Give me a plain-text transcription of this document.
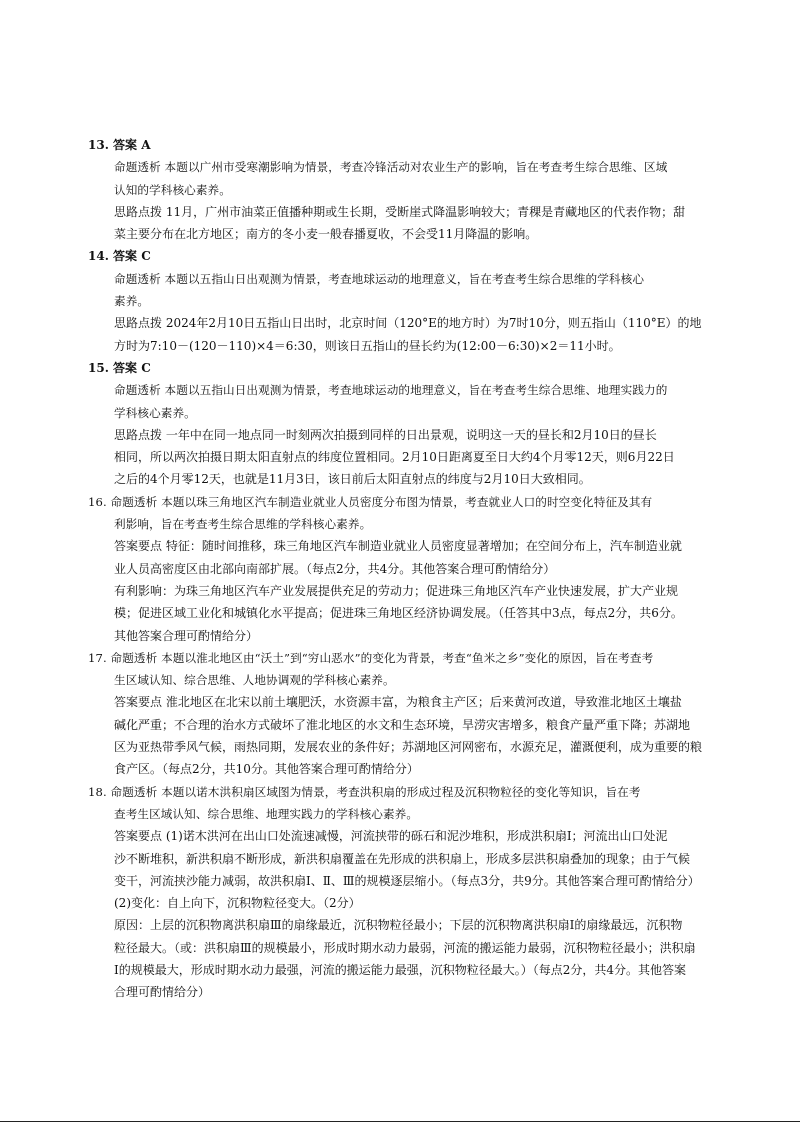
13. 答案 A
命题透析 本题以广州市受寒潮影响为情景，考查冷锋活动对农业生产的影响，旨在考查考生综合思维、区域
认知的学科核心素养。
思路点拨 11月，广州市油菜正值播种期或生长期，受断崖式降温影响较大；青稞是青藏地区的代表作物；甜
菜主要分布在北方地区；南方的冬小麦一般春播夏收，不会受11月降温的影响。
14. 答案 C
命题透析 本题以五指山日出观测为情景，考查地球运动的地理意义，旨在考查考生综合思维的学科核心
素养。
思路点拨 2024年2月10日五指山日出时，北京时间（120°E的地方时）为7时10分，则五指山（110°E）的地
方时为7:10－(120－110)×4＝6:30，则该日五指山的昼长约为(12:00－6:30)×2＝11小时。
15. 答案 C
命题透析 本题以五指山日出观测为情景，考查地球运动的地理意义，旨在考查考生综合思维、地理实践力的
学科核心素养。
思路点拨 一年中在同一地点同一时刻两次拍摄到同样的日出景观，说明这一天的昼长和2月10日的昼长
相同，所以两次拍摄日期太阳直射点的纬度位置相同。2月10日距离夏至日大约4个月零12天，则6月22日
之后的4个月零12天，也就是11月3日，该日前后太阳直射点的纬度与2月10日大致相同。
16. 命题透析 本题以珠三角地区汽车制造业就业人员密度分布图为情景，考查就业人口的时空变化特征及其有
利影响，旨在考查考生综合思维的学科核心素养。
答案要点 特征：随时间推移，珠三角地区汽车制造业就业人员密度显著增加；在空间分布上，汽车制造业就
业人员高密度区由北部向南部扩展。（每点2分，共4分。其他答案合理可酌情给分）
有利影响：为珠三角地区汽车产业发展提供充足的劳动力；促进珠三角地区汽车产业快速发展，扩大产业规
模；促进区域工业化和城镇化水平提高；促进珠三角地区经济协调发展。（任答其中3点，每点2分，共6分。
其他答案合理可酌情给分）
17. 命题透析 本题以淮北地区由“沃土”到“穷山恶水”的变化为背景，考查“鱼米之乡”变化的原因，旨在考查考
生区域认知、综合思维、人地协调观的学科核心素养。
答案要点 淮北地区在北宋以前土壤肥沃，水资源丰富，为粮食主产区；后来黄河改道，导致淮北地区土壤盐
碱化严重；不合理的治水方式破坏了淮北地区的水文和生态环境，旱涝灾害增多，粮食产量严重下降；苏湖地
区为亚热带季风气候，雨热同期，发展农业的条件好；苏湖地区河网密布，水源充足，灌溉便利，成为重要的粮
食产区。（每点2分，共10分。其他答案合理可酌情给分）
18. 命题透析 本题以诺木洪积扇区域图为情景，考查洪积扇的形成过程及沉积物粒径的变化等知识，旨在考
查考生区域认知、综合思维、地理实践力的学科核心素养。
答案要点 (1)诺木洪河在出山口处流速减慢，河流挟带的砾石和泥沙堆积，形成洪积扇Ⅰ；河流出山口处泥
沙不断堆积，新洪积扇不断形成，新洪积扇覆盖在先形成的洪积扇上，形成多层洪积扇叠加的现象；由于气候
变干，河流挟沙能力减弱，故洪积扇Ⅰ、Ⅱ、Ⅲ的规模逐层缩小。（每点3分，共9分。其他答案合理可酌情给分）
(2)变化：自上向下，沉积物粒径变大。（2分）
原因：上层的沉积物离洪积扇Ⅲ的扇缘最近，沉积物粒径最小；下层的沉积物离洪积扇Ⅰ的扇缘最远，沉积物
粒径最大。（或：洪积扇Ⅲ的规模最小，形成时期水动力最弱，河流的搬运能力最弱，沉积物粒径最小；洪积扇
Ⅰ的规模最大，形成时期水动力最强，河流的搬运能力最强，沉积物粒径最大。）（每点2分，共4分。其他答案
合理可酌情给分）
